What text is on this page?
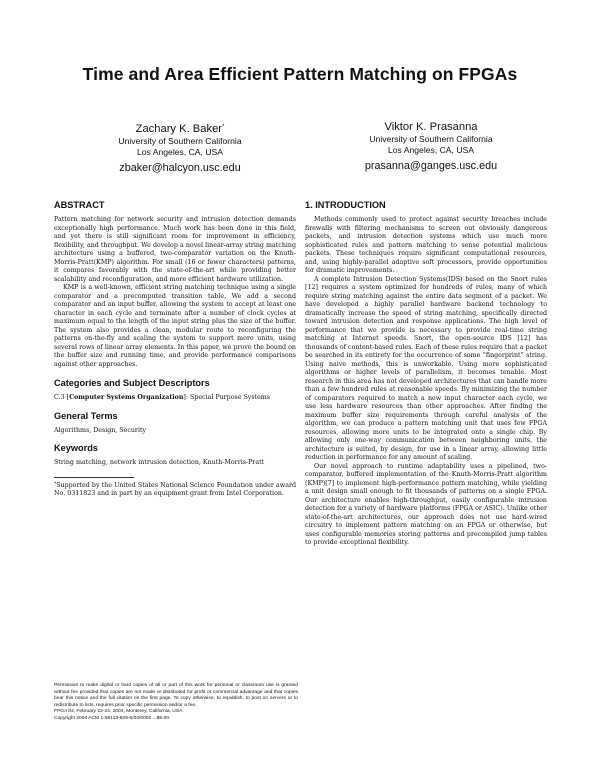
Time and Area Efficient Pattern Matching on FPGAs
Zachary K. Baker*
University of Southern California
Los Angeles, CA, USA
zbaker@halcyon.usc.edu
Viktor K. Prasanna
University of Southern California
Los Angeles, CA, USA
prasanna@ganges.usc.edu
ABSTRACT

Pattern matching for network security and intrusion detection demands exceptionally high performance. Much work has been done in this field, and yet there is still significant room for improvement in efficiency, flexibility, and throughput. We develop a novel linear-array string matching architecture using a buffered, two-comparator variation on the Knuth-Morris-Pratt(KMP) algorithm. For small (16 or fewer characters) patterns, it compares favorably with the state-of-the-art while providing better scalability and reconfiguration, and more efficient hardware utilization.

KMP is a well-known, efficient string matching technique using a single comparator and a precomputed transition table. We add a second comparator and an input buffer, allowing the system to accept at least one character in each cycle and terminate after a number of clock cycles at maximum equal to the length of the input string plus the size of the buffer. The system also provides a clean, modular route to reconfiguring the patterns on-the-fly and scaling the system to support more units, using several rows of linear array elements. In this paper, we prove the bound on the buffer size and running time, and provide performance comparisons against other approaches.

Categories and Subject Descriptors

C.3 [Computer Systems Organization]: Special Purpose Systems

General Terms

Algorithms, Design, Security

Keywords

String matching, network intrusion detection, Knuth-Morris-Pratt

*Supported by the United States National Science Foundation under award No. 0311823 and in part by an equipment grant from Intel Corporation.

Permission to make digital or hard copies of all or part of this work for personal or classroom use is granted without fee provided that copies are not made or distributed for profit or commercial advantage and that copies bear this notice and the full citation on the first page. To copy otherwise, to republish, to post on servers or to redistribute to lists, requires prior specific permission and/or a fee.
FPGA'04, February 22-24, 2004, Monterey, California, USA.
Copyright 2004 ACM 1-58113-829-6/04/0002 ...$5.00.
1. INTRODUCTION

Methods commonly used to protect against security breaches include firewalls with filtering mechanisms to screen out obviously dangerous packets, and intrusion detection systems which use much more sophisticated rules and pattern matching to sense potential malicious packets. These techniques require significant computational resources, and, using highly-parallel adaptive soft processors, provide opportunities for dramatic improvements.

A complete Intrusion Detection Systems(IDS) based on the Snort rules [12] requires a system optimized for hundreds of rules, many of which require string matching against the entire data segment of a packet. We have developed a highly parallel hardware backend technology to dramatically increase the speed of string matching, specifically directed toward intrusion detection and response applications. The high level of performance that we provide is necessary to provide real-time string matching at Internet speeds. Snort, the open-source IDS [12] has thousands of content-based rules. Each of these rules require that a packet be searched in its entirety for the occurrence of some “fingerprint” string. Using naive methods, this is unworkable. Using more sophisticated algorithms or higher levels of parallelism, it becomes tenable. Most research in this area has not developed architectures that can handle more than a few hundred rules at reasonable speeds. By minimizing the number of comparators required to match a new input character each cycle, we use less hardware resources than other approaches. After finding the maximum buffer size requirements through careful analysis of the algorithm, we can produce a pattern matching unit that uses few FPGA resources, allowing more units to be integrated onto a single chip. By allowing only one-way communication between neighboring units, the architecture is suited, by design, for use in a linear array, allowing little reduction in performance for any amount of scaling.

Our novel approach to runtime adaptability uses a pipelined, two-comparator, buffered implementation of the Knuth-Morris-Pratt algorithm (KMP)[7] to implement high-performance pattern matching, while yielding a unit design small enough to fit thousands of patterns on a single FPGA. Our architecture enables high-throughput, easily configurable intrusion detection for a variety of hardware platforms (FPGA or ASIC). Unlike other state-of-the-art architectures, our approach does not use hard-wired circuitry to implement pattern matching on an FPGA or otherwise, but uses configurable memories storing patterns and precompiled jump tables to provide exceptional flexibility.
